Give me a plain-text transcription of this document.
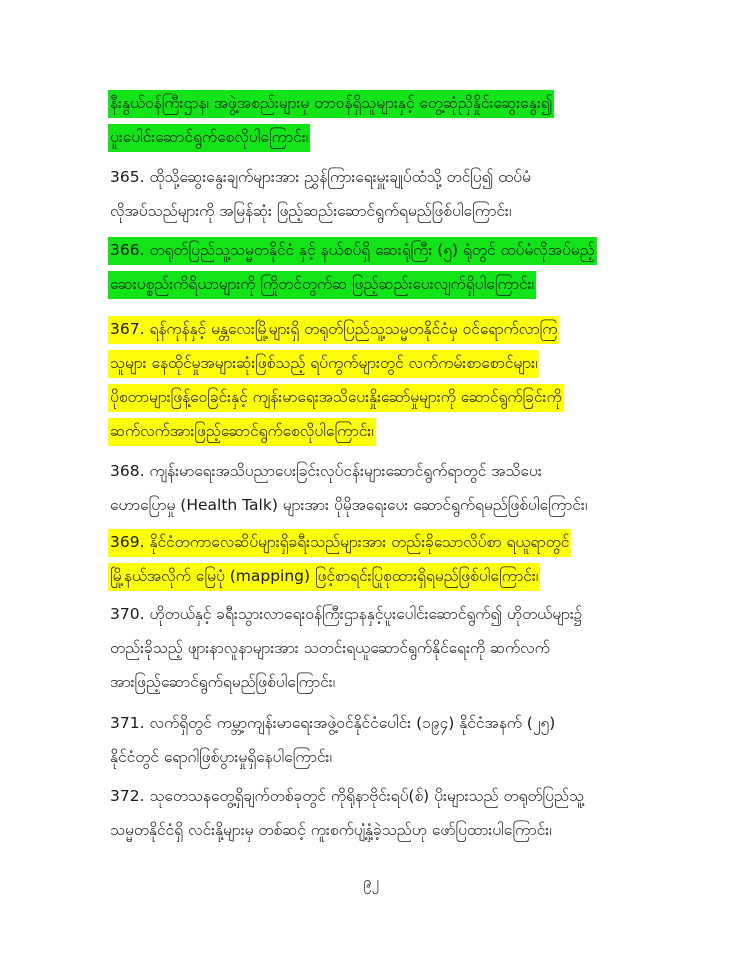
နီးနွယ်ဝန်ကြီးဌာန၊ အဖွဲ့အစည်းများမှ တာဝန်ရှိသူများနှင့် တွေ့ဆုံညှိနှိုင်းဆွေးနွေး၍
ပူးပေါင်းဆောင်ရွက်စေလိုပါကြောင်း၊
365. ထိုသို့ဆွေးနွေးချက်များအား ညွှန်ကြားရေးမှူးချုပ်ထံသို့ တင်ပြ၍ ထပ်မံ
လိုအပ်သည်များကို အမြန်ဆုံး ဖြည့်ဆည်းဆောင်ရွက်ရမည်ဖြစ်ပါကြောင်း၊
366. တရုတ်ပြည်သူ့သမ္မတနိုင်ငံ နှင့် နယ်စပ်ရှိ ဆေးရုံကြီး (၅) ရုံတွင် ထပ်မံလိုအပ်မည့်
ဆေးပစ္စည်းကိရိယာများကို ကြိုတင်တွက်ဆ ဖြည့်ဆည်းပေးလျက်ရှိပါကြောင်း၊
367. ရန်ကုန်နှင့် မန္တလေးမြို့များရှိ တရုတ်ပြည်သူ့သမ္မတနိုင်ငံမှ ဝင်ရောက်လာကြ
သူများ နေထိုင်မှုအများဆုံးဖြစ်သည့် ရပ်ကွက်များတွင် လက်ကမ်းစာစောင်များ၊
ပိုစတာများဖြန့်ဝေခြင်းနှင့် ကျန်းမာရေးအသိပေးနှိုးဆော်မှုများကို ဆောင်ရွက်ခြင်းကို
ဆက်လက်အားဖြည့်ဆောင်ရွက်စေလိုပါကြောင်း၊
368. ကျန်းမာရေးအသိပညာပေးခြင်းလုပ်ငန်းများဆောင်ရွက်ရာတွင် အသိပေး
ဟောပြောမှု (Health Talk) များအား ပိုမိုအရေးပေး ဆောင်ရွက်ရမည်ဖြစ်ပါကြောင်း၊
369. နိုင်ငံတကာလေဆိပ်များရှိခရီးသည်များအား တည်းခိုသောလိပ်စာ ရယူရာတွင်
မြို့နယ်အလိုက် မြေပုံ (mapping) ဖြင့်စာရင်းပြုစုထားရှိရမည်ဖြစ်ပါကြောင်း၊
370. ဟိုတယ်နှင့် ခရီးသွားလာရေးဝန်ကြီးဌာနနှင့်ပူးပေါင်းဆောင်ရွက်၍ ဟိုတယ်များ၌
တည်းခိုသည့် ဖျားနာလူနာများအား သတင်းရယူဆောင်ရွက်နိုင်ရေးကို ဆက်လက်
အားဖြည့်ဆောင်ရွက်ရမည်ဖြစ်ပါကြောင်း၊
371. လက်ရှိတွင် ကမ္ဘာ့ကျန်းမာရေးအဖွဲ့ဝင်နိုင်ငံပေါင်း (၁၉၄) နိုင်ငံအနက် (၂၅)
နိုင်ငံတွင် ရောဂါဖြစ်ပွားမှုရှိနေပါကြောင်း၊
372. သုတေသနတွေ့ရှိချက်တစ်ခုတွင် ကိုရိုနာဗိုင်းရပ်(စ်) ပိုးများသည် တရုတ်ပြည်သူ့
သမ္မတနိုင်ငံရှိ လင်းနို့များမှ တစ်ဆင့် ကူးစက်ပျံ့နှံ့ခဲ့သည်ဟု ဖော်ပြထားပါကြောင်း၊
၉၂
